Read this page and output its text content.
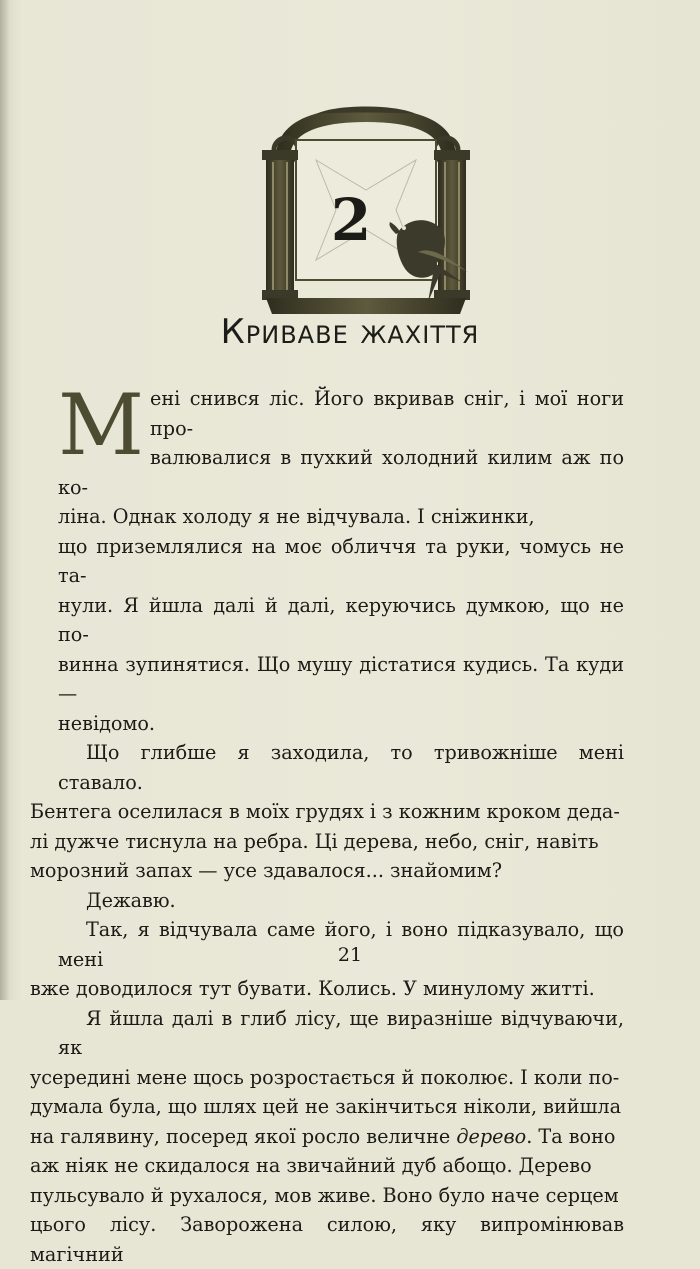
2
Криваве жахіття

М ені снився ліс. Його вкривав сніг, і мої ноги про-
валювалися в пухкий холодний килим аж по ко-
ліна. Однак холоду я не відчувала. І сніжинки,
що приземлялися на моє обличчя та руки, чомусь не та-
нули. Я йшла далі й далі, керуючись думкою, що не по-
винна зупинятися. Що мушу дістатися кудись. Та куди —
невідомо.

Що глибше я заходила, то тривожніше мені ставало.
Бентега оселилася в моїх грудях і з кожним кроком деда-
лі дужче тиснула на ребра. Ці дерева, небо, сніг, навіть
морозний запах — усе здавалося... знайомим?

Дежавю.

Так, я відчувала саме його, і воно підказувало, що мені
вже доводилося тут бувати. Колись. У минулому житті.

Я йшла далі в глиб лісу, ще виразніше відчуваючи, як
усередині мене щось розростається й поколює. І коли по-
думала була, що шлях цей не закінчиться ніколи, вийшла
на галявину, посеред якої росло величне дерево. Та воно
аж ніяк не скидалося на звичайний дуб абощо. Дерево
пульсувало й рухалося, мов живе. Воно було наче серцем
цього лісу. Заворожена силою, яку випромінював магічний

21
